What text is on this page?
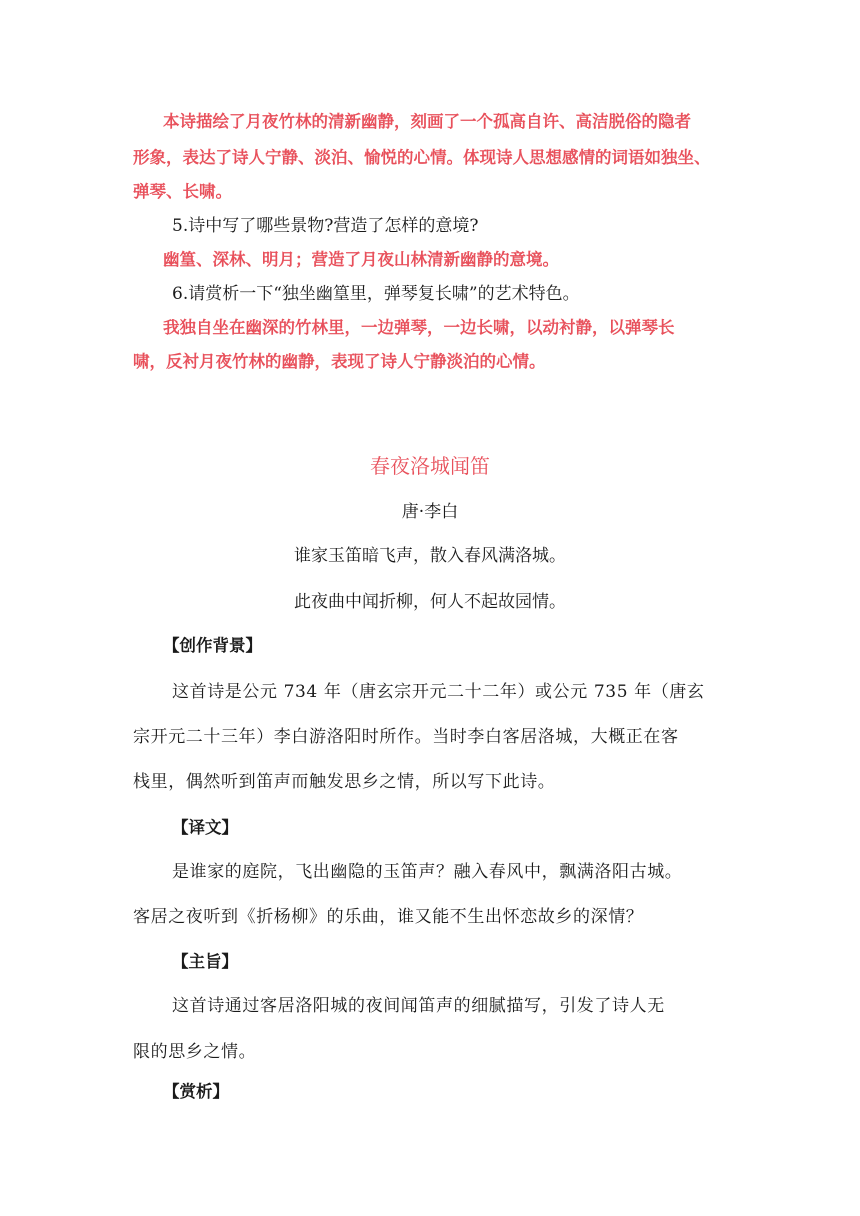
本诗描绘了月夜竹林的清新幽静，刻画了一个孤高自许、高洁脱俗的隐者
形象，表达了诗人宁静、淡泊、愉悦的心情。体现诗人思想感情的词语如独坐、
弹琴、长啸。
5.诗中写了哪些景物?营造了怎样的意境?
幽篁、深林、明月；营造了月夜山林清新幽静的意境。
6.请赏析一下“独坐幽篁里，弹琴复长啸”的艺术特色。
我独自坐在幽深的竹林里，一边弹琴，一边长啸，以动衬静，以弹琴长
啸，反衬月夜竹林的幽静，表现了诗人宁静淡泊的心情。
春夜洛城闻笛
唐·李白
谁家玉笛暗飞声，散入春风满洛城。
此夜曲中闻折柳，何人不起故园情。
【创作背景】
这首诗是公元 734 年（唐玄宗开元二十二年）或公元 735 年（唐玄
宗开元二十三年）李白游洛阳时所作。当时李白客居洛城，大概正在客
栈里，偶然听到笛声而触发思乡之情，所以写下此诗。
【译文】
是谁家的庭院，飞出幽隐的玉笛声？融入春风中，飘满洛阳古城。
客居之夜听到《折杨柳》的乐曲，谁又能不生出怀恋故乡的深情？
【主旨】
这首诗通过客居洛阳城的夜间闻笛声的细腻描写，引发了诗人无
限的思乡之情。
【赏析】
